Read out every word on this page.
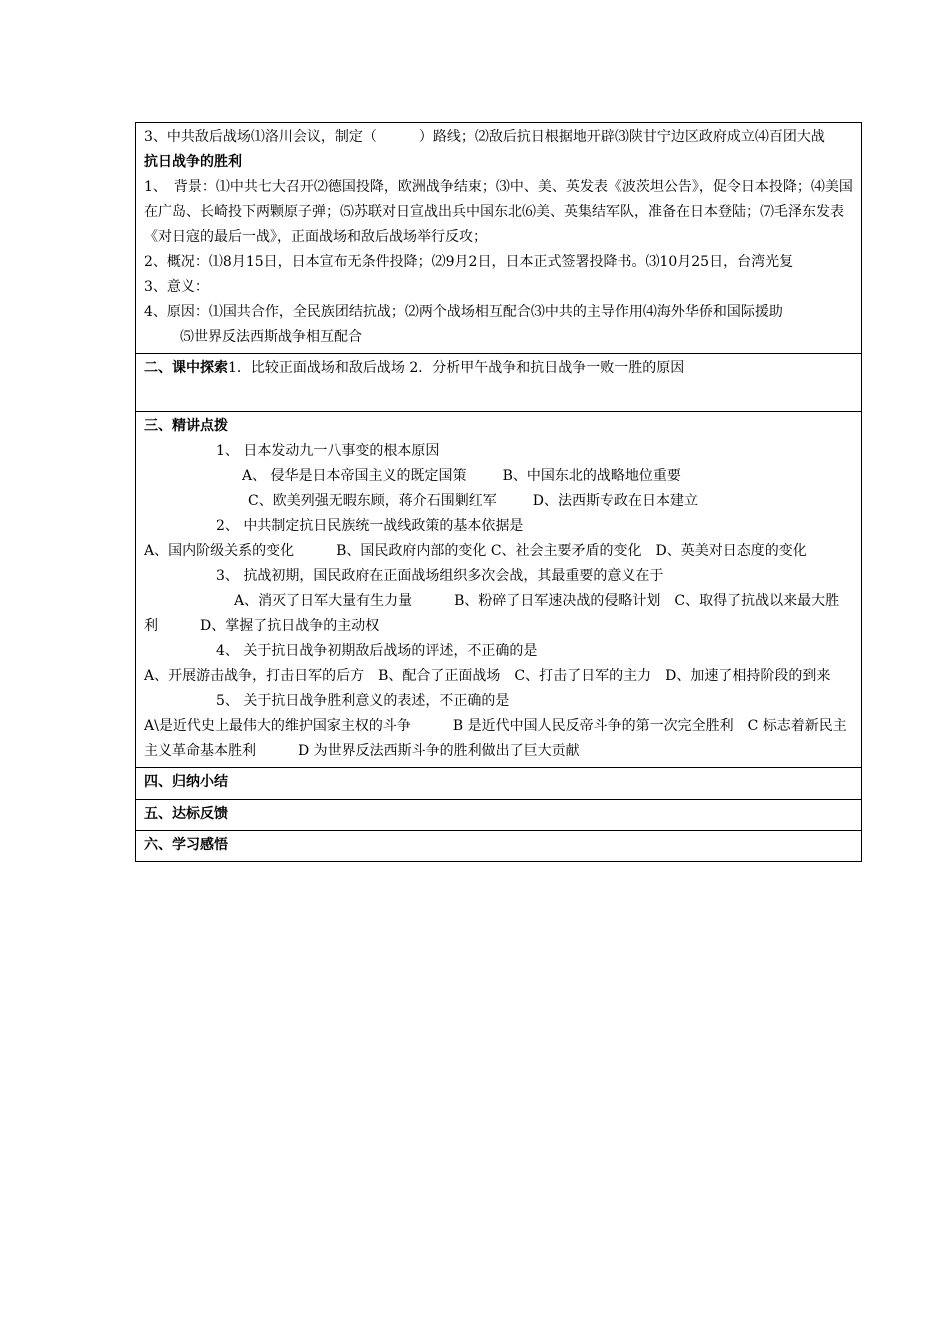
3、中共敌后战场⑴洛川会议，制定（　　　）路线；⑵敌后抗日根据地开辟⑶陕甘宁边区政府成立⑷百团大战
抗日战争的胜利
1、　背景：⑴中共七大召开⑵德国投降，欧洲战争结束；⑶中、美、英发表《波茨坦公告》，促令日本投降；⑷美国在广岛、长崎投下两颗原子弹；⑸苏联对日宣战出兵中国东北⑹美、英集结军队，准备在日本登陆；⑺毛泽东发表《对日寇的最后一战》，正面战场和敌后战场举行反攻；
2、概况：⑴8月15日，日本宣布无条件投降；⑵9月2日，日本正式签署投降书。⑶10月25日，台湾光复
3、意义：
4、原因：⑴国共合作，全民族团结抗战；⑵两个战场相互配合⑶中共的主导作用⑷海外华侨和国际援助
⑸世界反法西斯战争相互配合

二、课中探索1．比较正面战场和敌后战场 2．分析甲午战争和抗日战争一败一胜的原因

三、精讲点拨
1、 日本发动九一八事变的根本原因
A、 侵华是日本帝国主义的既定国策	B、中国东北的战略地位重要
C、欧美列强无暇东顾，蒋介石围剿红军	D、法西斯专政在日本建立
2、 中共制定抗日民族统一战线政策的基本依据是
A、国内阶级关系的变化　　　B、国民政府内部的变化 C、社会主要矛盾的变化　D、英美对日态度的变化
3、 抗战初期，国民政府在正面战场组织多次会战，其最重要的意义在于
A、消灭了日军大量有生力量　　　B、粉碎了日军速决战的侵略计划　C、取得了抗战以来最大胜利　　　D、掌握了抗日战争的主动权
4、 关于抗日战争初期敌后战场的评述，不正确的是
A、开展游击战争，打击日军的后方　B、配合了正面战场　C、打击了日军的主力　D、加速了相持阶段的到来
5、 关于抗日战争胜利意义的表述，不正确的是
A\是近代史上最伟大的维护国家主权的斗争　　　B 是近代中国人民反帝斗争的第一次完全胜利　C 标志着新民主主义革命基本胜利　　　D 为世界反法西斯斗争的胜利做出了巨大贡献

四、归纳小结

五、达标反馈

六、学习感悟
